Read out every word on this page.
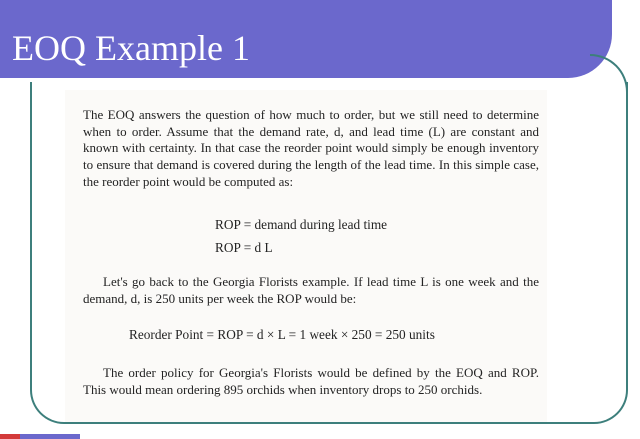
EOQ Example 1

The EOQ answers the question of how much to order, but we still need to determine when to order. Assume that the demand rate, d, and lead time (L) are constant and known with certainty. In that case the reorder point would simply be enough inventory to ensure that demand is covered during the length of the lead time. In this simple case, the reorder point would be computed as:

ROP = demand during lead time
ROP = d L

Let's go back to the Georgia Florists example. If lead time L is one week and the demand, d, is 250 units per week the ROP would be:

Reorder Point = ROP = d × L = 1 week × 250 = 250 units

The order policy for Georgia's Florists would be defined by the EOQ and ROP. This would mean ordering 895 orchids when inventory drops to 250 orchids.
